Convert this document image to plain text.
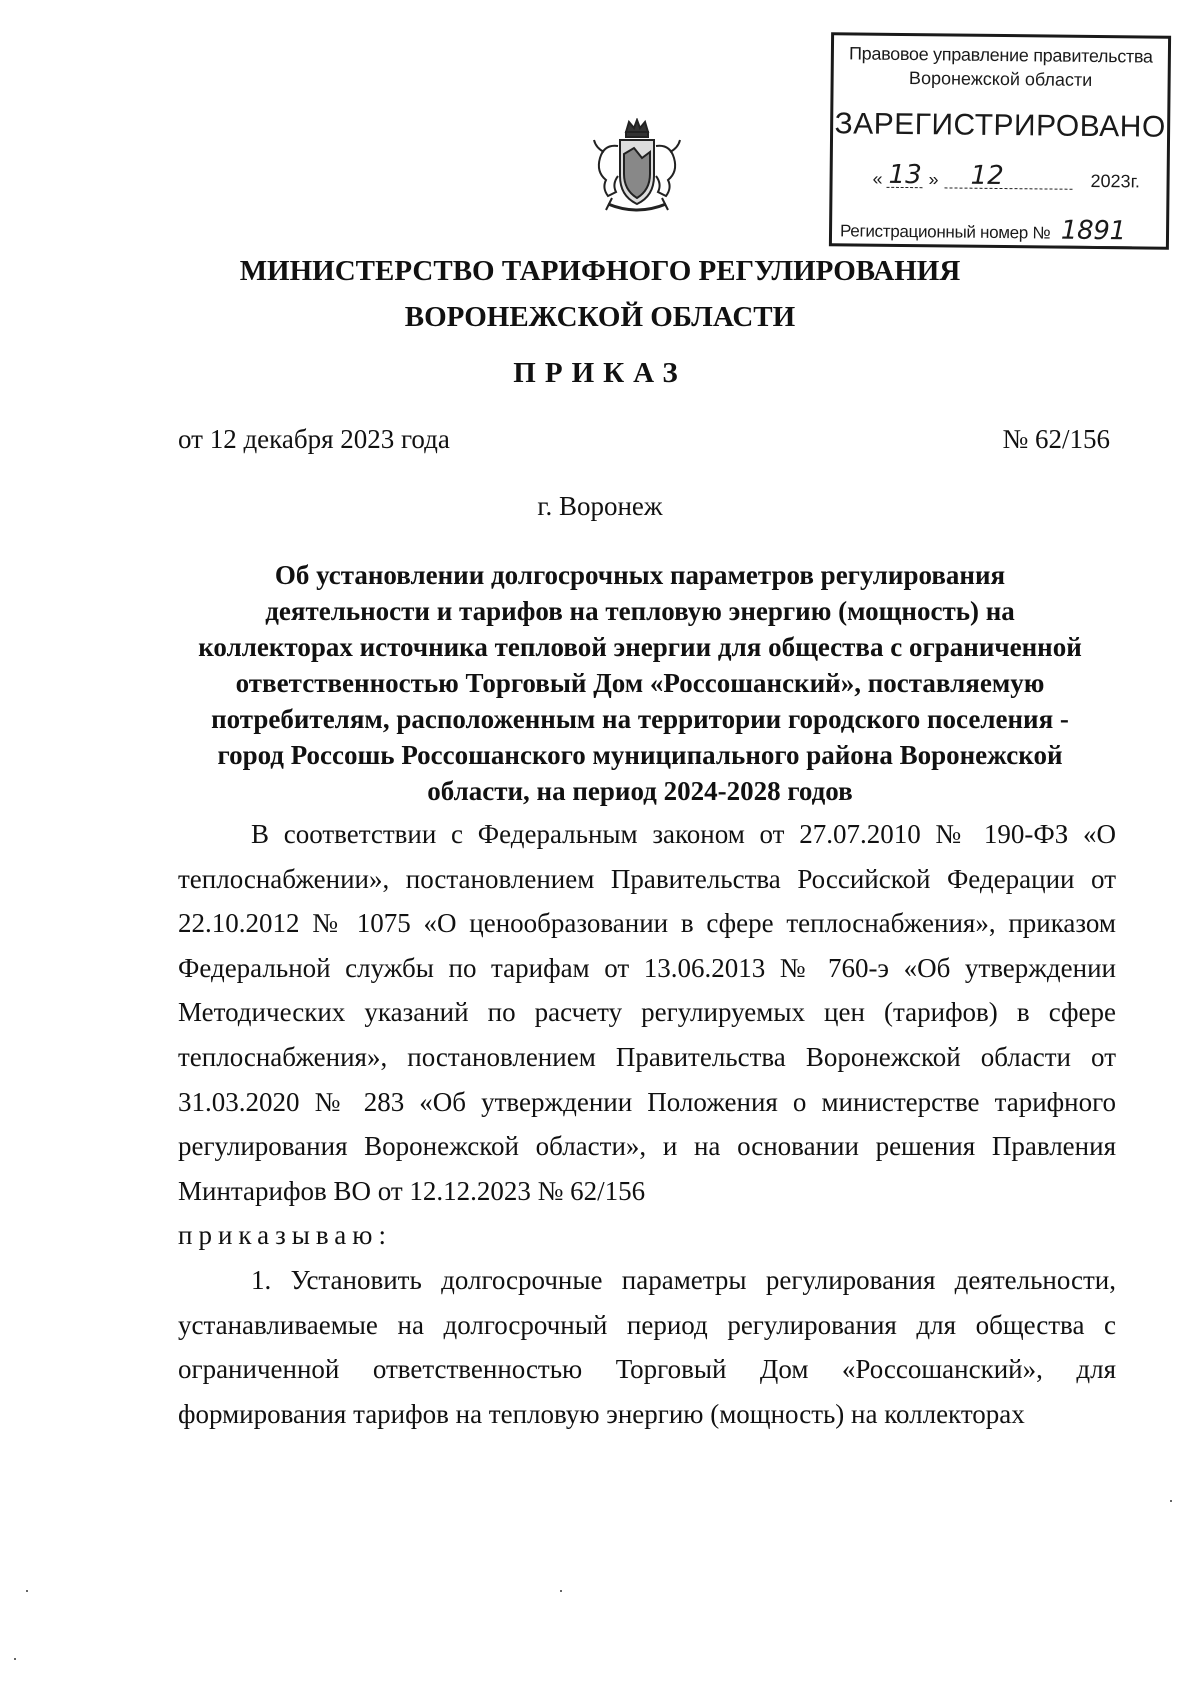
Правовое управление правительства
Воронежской области
ЗАРЕГИСТРИРОВАНО
« 13 » 12	2023г.
Регистрационный номер № 1891
МИНИСТЕРСТВО ТАРИФНОГО РЕГУЛИРОВАНИЯ
ВОРОНЕЖСКОЙ ОБЛАСТИ
ПРИКАЗ
от 12 декабря 2023 года	№ 62/156
г. Воронеж
Об установлении долгосрочных параметров регулирования
деятельности и тарифов на тепловую энергию (мощность) на
коллекторах источника тепловой энергии для общества с ограниченной
ответственностью Торговый Дом «Россошанский», поставляемую
потребителям, расположенным на территории городского поселения -
город Россошь Россошанского муниципального района Воронежской
области, на период 2024-2028 годов

В соответствии с Федеральным законом от 27.07.2010 № 190-ФЗ «О теплоснабжении», постановлением Правительства Российской Федерации от 22.10.2012 № 1075 «О ценообразовании в сфере теплоснабжения», приказом Федеральной службы по тарифам от 13.06.2013 № 760-э «Об утверждении Методических указаний по расчету регулируемых цен (тарифов) в сфере теплоснабжения», постановлением Правительства Воронежской области от 31.03.2020 № 283 «Об утверждении Положения о министерстве тарифного регулирования Воронежской области», и на основании решения Правления Минтарифов ВО от 12.12.2023 № 62/156

приказываю:

1. Установить долгосрочные параметры регулирования деятельности, устанавливаемые на долгосрочный период регулирования для общества с ограниченной ответственностью Торговый Дом «Россошанский», для формирования тарифов на тепловую энергию (мощность) на коллекторах
